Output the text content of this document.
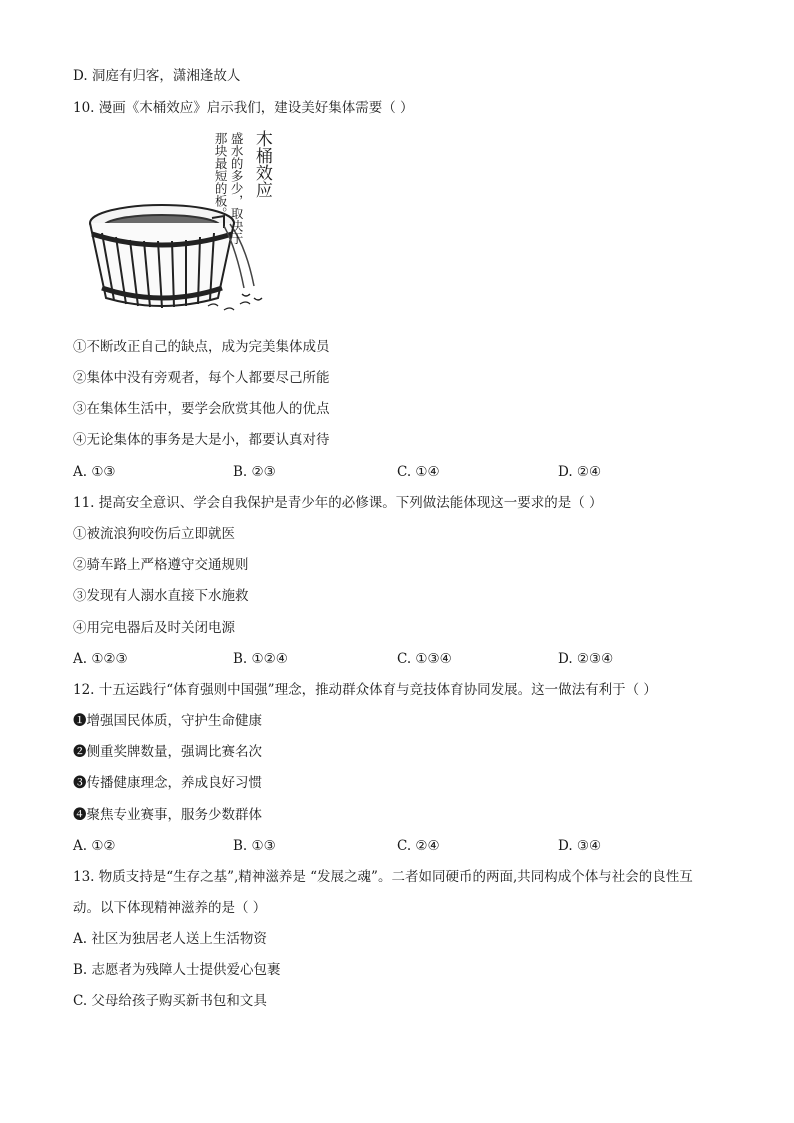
D. 洞庭有归客，潇湘逢故人
10. 漫画《木桶效应》启示我们，建设美好集体需要（ ）
木桶效应
盛水的多少，取决于
那块最短的板。
①不断改正自己的缺点，成为完美集体成员
②集体中没有旁观者，每个人都要尽己所能
③在集体生活中，要学会欣赏其他人的优点
④无论集体的事务是大是小，都要认真对待
A. ①③	B. ②③	C. ①④	D. ②④
11. 提高安全意识、学会自我保护是青少年的必修课。下列做法能体现这一要求的是（ ）
①被流浪狗咬伤后立即就医
②骑车路上严格遵守交通规则
③发现有人溺水直接下水施救
④用完电器后及时关闭电源
A. ①②③	B. ①②④	C. ①③④	D. ②③④
12. 十五运践行“体育强则中国强”理念，推动群众体育与竞技体育协同发展。这一做法有利于（ ）
❶增强国民体质，守护生命健康
❷侧重奖牌数量，强调比赛名次
❸传播健康理念，养成良好习惯
❹聚焦专业赛事，服务少数群体
A. ①②	B. ①③	C. ②④	D. ③④
13. 物质支持是“生存之基”,精神滋养是 “发展之魂”。二者如同硬币的两面,共同构成个体与社会的良性互
动。以下体现精神滋养的是（ ）
A. 社区为独居老人送上生活物资
B. 志愿者为残障人士提供爱心包裹
C. 父母给孩子购买新书包和文具
